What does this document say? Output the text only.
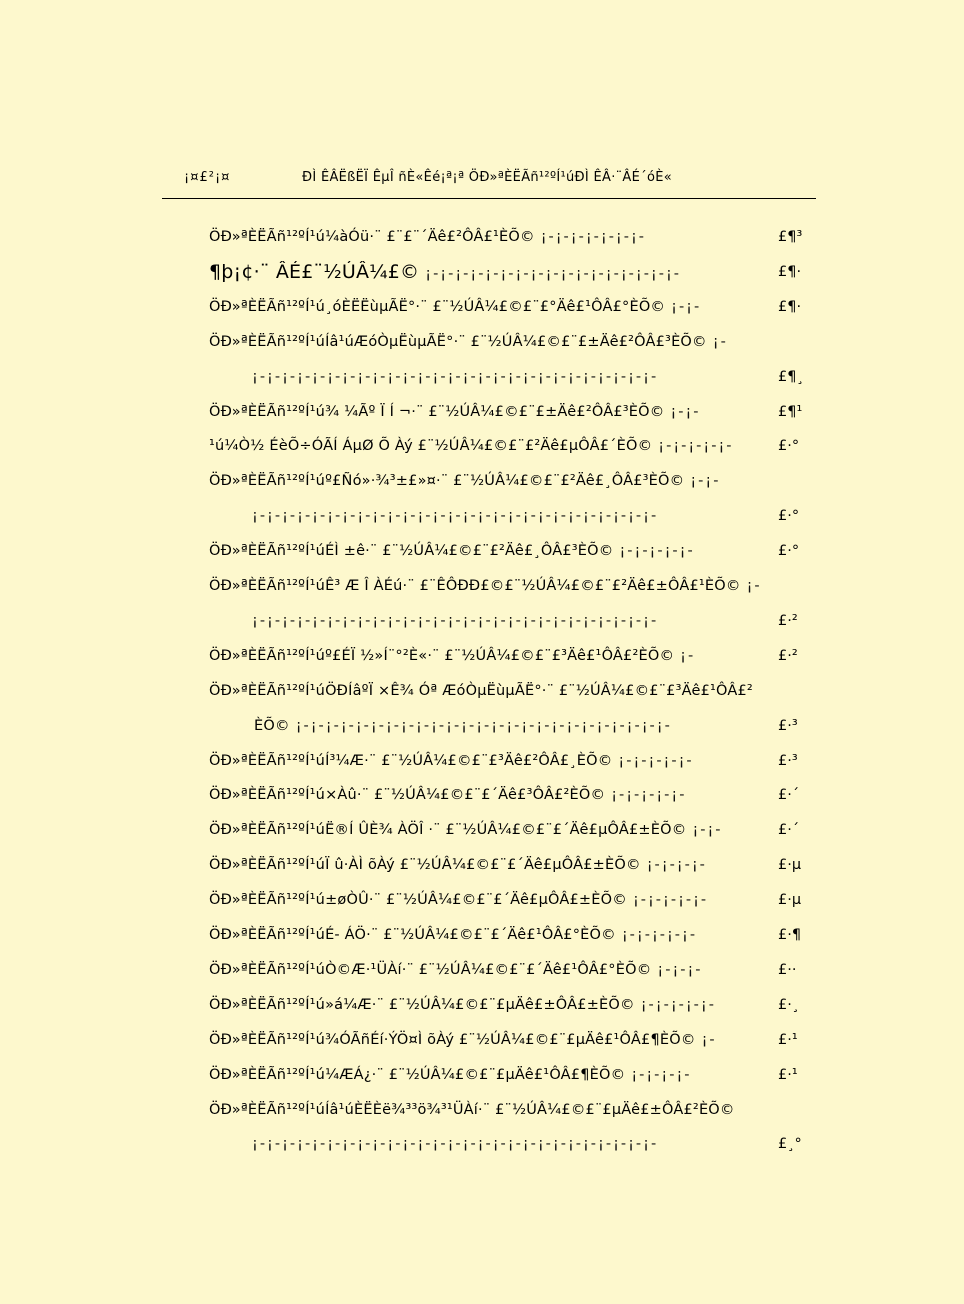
¡¤£²¡¤	ÐÌ ÊÂËßËÏ ÊµÎ ñÈ«Êé¡ª¡ª ÖÐ»ªÈËÃñ¹²ºÍ¹úÐÌ ÊÂ·¨ÂÉ´óÈ«
ÖÐ»ªÈËÃñ¹²ºÍ¹ú¼àÓü·¨ £¨£¨´Äê£²ÔÂ£¹ÈÕ© ¡-¡-¡-¡-¡-¡-¡-	£¶³
¶þ¡¢·¨ ÂÉ£¨½ÚÂ¼£© ¡-¡-¡-¡-¡-¡-¡-¡-¡-¡-¡-¡-¡-¡-¡-¡-¡-	£¶·
ÖÐ»ªÈËÃñ¹²ºÍ¹ú¸óÈËËùµÃË°·¨ £¨½ÚÂ¼£©£¨£°Äê£¹ÔÂ£°ÈÕ© ¡-¡-	£¶·
ÖÐ»ªÈËÃñ¹²ºÍ¹úÍâ¹úÆóÒµËùµÃË°·¨ £¨½ÚÂ¼£©£¨£±Äê£²ÔÂ£³ÈÕ© ¡-
¡-¡-¡-¡-¡-¡-¡-¡-¡-¡-¡-¡-¡-¡-¡-¡-¡-¡-¡-¡-¡-¡-¡-¡-¡-¡-¡-	£¶¸
ÖÐ»ªÈËÃñ¹²ºÍ¹ú¾ ¼Ãº Ï Í ¬·¨ £¨½ÚÂ¼£©£¨£±Äê£²ÔÂ£³ÈÕ© ¡-¡-	£¶¹
¹ú¼Ò½ ÉèÕ÷ÓÃÍ ÁµØ Õ Àý £¨½ÚÂ¼£©£¨£²Äê£µÔÂ£´ÈÕ© ¡-¡-¡-¡-¡-	£·°
ÖÐ»ªÈËÃñ¹²ºÍ¹úº£Ñó»·¾³±£»¤·¨ £¨½ÚÂ¼£©£¨£²Äê£¸ÔÂ£³ÈÕ© ¡-¡-
¡-¡-¡-¡-¡-¡-¡-¡-¡-¡-¡-¡-¡-¡-¡-¡-¡-¡-¡-¡-¡-¡-¡-¡-¡-¡-¡-	£·°
ÖÐ»ªÈËÃñ¹²ºÍ¹úÉÌ ±ê·¨ £¨½ÚÂ¼£©£¨£²Äê£¸ÔÂ£³ÈÕ© ¡-¡-¡-¡-¡-	£·°
ÖÐ»ªÈËÃñ¹²ºÍ¹úÊ³ Æ Î ÀÉú·¨ £¨ÊÔÐÐ£©£¨½ÚÂ¼£©£¨£²Äê£±ÔÂ£¹ÈÕ© ¡-
¡-¡-¡-¡-¡-¡-¡-¡-¡-¡-¡-¡-¡-¡-¡-¡-¡-¡-¡-¡-¡-¡-¡-¡-¡-¡-¡-	£·²
ÖÐ»ªÈËÃñ¹²ºÍ¹úº£ÉÏ ½»Í¨°²È«·¨ £¨½ÚÂ¼£©£¨£³Äê£¹ÔÂ£²ÈÕ© ¡-	£·²
ÖÐ»ªÈËÃñ¹²ºÍ¹úÖÐÍâºÏ ×Ê¾ Óª ÆóÒµËùµÃË°·¨ £¨½ÚÂ¼£©£¨£³Äê£¹ÔÂ£²
ÈÕ© ¡-¡-¡-¡-¡-¡-¡-¡-¡-¡-¡-¡-¡-¡-¡-¡-¡-¡-¡-¡-¡-¡-¡-¡-¡-	£·³
ÖÐ»ªÈËÃñ¹²ºÍ¹úÍ³¼Æ·¨ £¨½ÚÂ¼£©£¨£³Äê£²ÔÂ£¸ÈÕ© ¡-¡-¡-¡-¡-	£·³
ÖÐ»ªÈËÃñ¹²ºÍ¹ú×Àû·¨ £¨½ÚÂ¼£©£¨£´Äê£³ÔÂ£²ÈÕ© ¡-¡-¡-¡-¡-	£·´
ÖÐ»ªÈËÃñ¹²ºÍ¹úË®Í ÛÈ¾ ÀÖÎ ·¨ £¨½ÚÂ¼£©£¨£´Äê£µÔÂ£±ÈÕ© ¡-¡-	£·´
ÖÐ»ªÈËÃñ¹²ºÍ¹úÏ û·ÀÌ õÀý £¨½ÚÂ¼£©£¨£´Äê£µÔÂ£±ÈÕ© ¡-¡-¡-¡-	£·µ
ÖÐ»ªÈËÃñ¹²ºÍ¹ú±øÒÛ·¨ £¨½ÚÂ¼£©£¨£´Äê£µÔÂ£±ÈÕ© ¡-¡-¡-¡-¡-	£·µ
ÖÐ»ªÈËÃñ¹²ºÍ¹úÉ- ÁÖ·¨ £¨½ÚÂ¼£©£¨£´Äê£¹ÔÂ£°ÈÕ© ¡-¡-¡-¡-¡-	£·¶
ÖÐ»ªÈËÃñ¹²ºÍ¹úÒ©Æ·¹ÜÀí·¨ £¨½ÚÂ¼£©£¨£´Äê£¹ÔÂ£°ÈÕ© ¡-¡-¡-	£··
ÖÐ»ªÈËÃñ¹²ºÍ¹ú»á¼Æ·¨ £¨½ÚÂ¼£©£¨£µÄê£±ÔÂ£±ÈÕ© ¡-¡-¡-¡-¡-	£·¸
ÖÐ»ªÈËÃñ¹²ºÍ¹ú¾ÓÃñÉí·ÝÖ¤Ì õÀý £¨½ÚÂ¼£©£¨£µÄê£¹ÔÂ£¶ÈÕ© ¡-	£·¹
ÖÐ»ªÈËÃñ¹²ºÍ¹ú¼ÆÁ¿·¨ £¨½ÚÂ¼£©£¨£µÄê£¹ÔÂ£¶ÈÕ© ¡-¡-¡-¡-	£·¹
ÖÐ»ªÈËÃñ¹²ºÍ¹úÍâ¹úÈËÈë¾³³ö¾³¹ÜÀí·¨ £¨½ÚÂ¼£©£¨£µÄê£±ÔÂ£²ÈÕ©
¡-¡-¡-¡-¡-¡-¡-¡-¡-¡-¡-¡-¡-¡-¡-¡-¡-¡-¡-¡-¡-¡-¡-¡-¡-¡-¡-	£¸°
